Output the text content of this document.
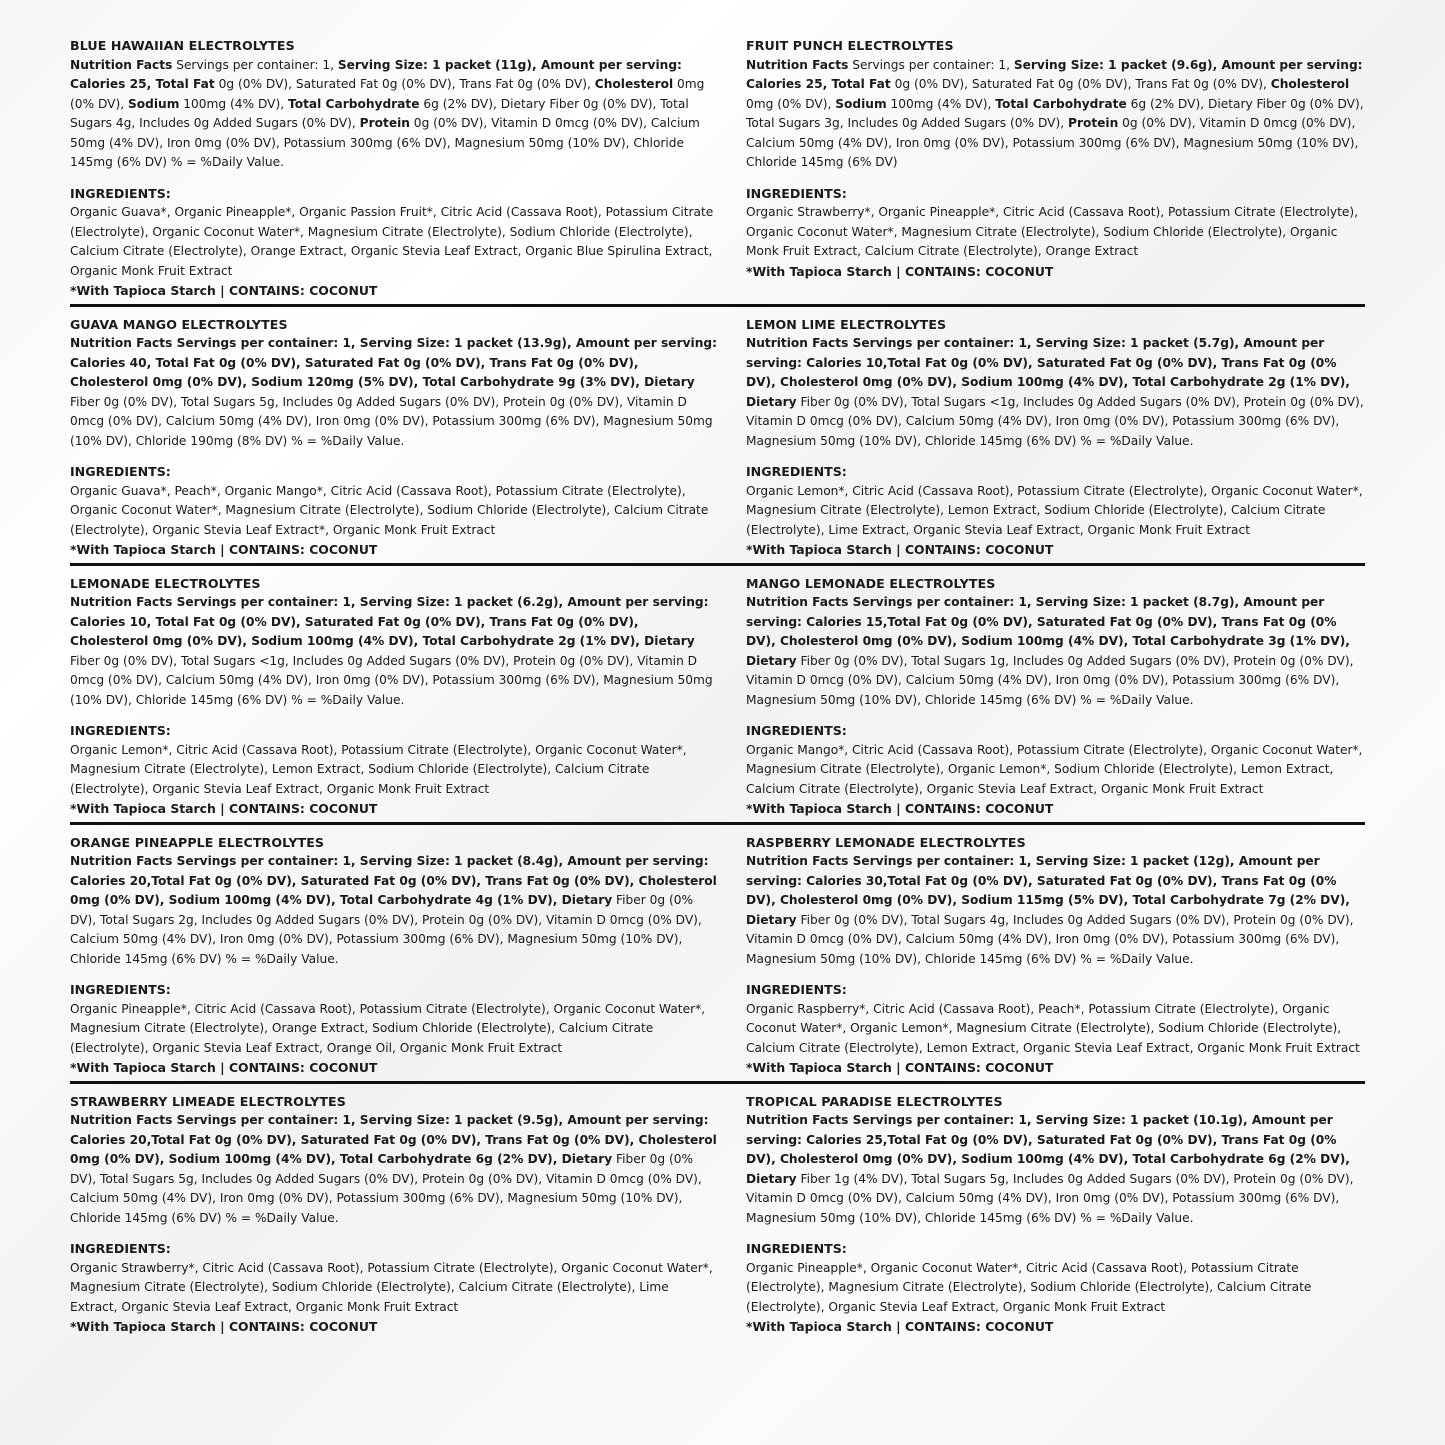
BLUE HAWAIIAN ELECTROLYTES

Nutrition Facts Servings per container: 1, Serving Size: 1 packet (11g), Amount per serving: Calories 25, Total Fat 0g (0% DV), Saturated Fat 0g (0% DV), Trans Fat 0g (0% DV), Cholesterol 0mg (0% DV), Sodium 100mg (4% DV), Total Carbohydrate 6g (2% DV), Dietary Fiber 0g (0% DV), Total Sugars 4g, Includes 0g Added Sugars (0% DV), Protein 0g (0% DV), Vitamin D 0mcg (0% DV), Calcium 50mg (4% DV), Iron 0mg (0% DV), Potassium 300mg (6% DV), Magnesium 50mg (10% DV), Chloride 145mg (6% DV) % = %Daily Value.

INGREDIENTS:
Organic Guava*, Organic Pineapple*, Organic Passion Fruit*, Citric Acid (Cassava Root), Potassium Citrate (Electrolyte), Organic Coconut Water*, Magnesium Citrate (Electrolyte), Sodium Chloride (Electrolyte), Calcium Citrate (Electrolyte), Orange Extract, Organic Stevia Leaf Extract, Organic Blue Spirulina Extract, Organic Monk Fruit Extract
*With Tapioca Starch | CONTAINS: COCONUT
FRUIT PUNCH ELECTROLYTES

Nutrition Facts Servings per container: 1, Serving Size: 1 packet (9.6g), Amount per serving: Calories 25, Total Fat 0g (0% DV), Saturated Fat 0g (0% DV), Trans Fat 0g (0% DV), Cholesterol 0mg (0% DV), Sodium 100mg (4% DV), Total Carbohydrate 6g (2% DV), Dietary Fiber 0g (0% DV), Total Sugars 3g, Includes 0g Added Sugars (0% DV), Protein 0g (0% DV), Vitamin D 0mcg (0% DV), Calcium 50mg (4% DV), Iron 0mg (0% DV), Potassium 300mg (6% DV), Magnesium 50mg (10% DV), Chloride 145mg (6% DV)

INGREDIENTS:
Organic Strawberry*, Organic Pineapple*, Citric Acid (Cassava Root), Potassium Citrate (Electrolyte), Organic Coconut Water*, Magnesium Citrate (Electrolyte), Sodium Chloride (Electrolyte), Organic Monk Fruit Extract, Calcium Citrate (Electrolyte), Orange Extract
*With Tapioca Starch | CONTAINS: COCONUT
GUAVA MANGO ELECTROLYTES

Nutrition Facts Servings per container: 1, Serving Size: 1 packet (13.9g), Amount per serving: Calories 40, Total Fat 0g (0% DV), Saturated Fat 0g (0% DV), Trans Fat 0g (0% DV), Cholesterol 0mg (0% DV), Sodium 120mg (5% DV), Total Carbohydrate 9g (3% DV), Dietary Fiber 0g (0% DV), Total Sugars 5g, Includes 0g Added Sugars (0% DV), Protein 0g (0% DV), Vitamin D 0mcg (0% DV), Calcium 50mg (4% DV), Iron 0mg (0% DV), Potassium 300mg (6% DV), Magnesium 50mg (10% DV), Chloride 190mg (8% DV) % = %Daily Value.

INGREDIENTS:
Organic Guava*, Peach*, Organic Mango*, Citric Acid (Cassava Root), Potassium Citrate (Electrolyte), Organic Coconut Water*, Magnesium Citrate (Electrolyte), Sodium Chloride (Electrolyte), Calcium Citrate (Electrolyte), Organic Stevia Leaf Extract*, Organic Monk Fruit Extract
*With Tapioca Starch | CONTAINS: COCONUT
LEMON LIME ELECTROLYTES

Nutrition Facts Servings per container: 1, Serving Size: 1 packet (5.7g), Amount per serving: Calories 10,Total Fat 0g (0% DV), Saturated Fat 0g (0% DV), Trans Fat 0g (0% DV), Cholesterol 0mg (0% DV), Sodium 100mg (4% DV), Total Carbohydrate 2g (1% DV), Dietary Fiber 0g (0% DV), Total Sugars <1g, Includes 0g Added Sugars (0% DV), Protein 0g (0% DV), Vitamin D 0mcg (0% DV), Calcium 50mg (4% DV), Iron 0mg (0% DV), Potassium 300mg (6% DV), Magnesium 50mg (10% DV), Chloride 145mg (6% DV) % = %Daily Value.

INGREDIENTS:
Organic Lemon*, Citric Acid (Cassava Root), Potassium Citrate (Electrolyte), Organic Coconut Water*, Magnesium Citrate (Electrolyte), Lemon Extract, Sodium Chloride (Electrolyte), Calcium Citrate (Electrolyte), Lime Extract, Organic Stevia Leaf Extract, Organic Monk Fruit Extract
*With Tapioca Starch | CONTAINS: COCONUT
LEMONADE ELECTROLYTES

Nutrition Facts Servings per container: 1, Serving Size: 1 packet (6.2g), Amount per serving: Calories 10, Total Fat 0g (0% DV), Saturated Fat 0g (0% DV), Trans Fat 0g (0% DV), Cholesterol 0mg (0% DV), Sodium 100mg (4% DV), Total Carbohydrate 2g (1% DV), Dietary Fiber 0g (0% DV), Total Sugars <1g, Includes 0g Added Sugars (0% DV), Protein 0g (0% DV), Vitamin D 0mcg (0% DV), Calcium 50mg (4% DV), Iron 0mg (0% DV), Potassium 300mg (6% DV), Magnesium 50mg (10% DV), Chloride 145mg (6% DV) % = %Daily Value.

INGREDIENTS:
Organic Lemon*, Citric Acid (Cassava Root), Potassium Citrate (Electrolyte), Organic Coconut Water*, Magnesium Citrate (Electrolyte), Lemon Extract, Sodium Chloride (Electrolyte), Calcium Citrate (Electrolyte), Organic Stevia Leaf Extract, Organic Monk Fruit Extract
*With Tapioca Starch | CONTAINS: COCONUT
MANGO LEMONADE ELECTROLYTES

Nutrition Facts Servings per container: 1, Serving Size: 1 packet (8.7g), Amount per serving: Calories 15,Total Fat 0g (0% DV), Saturated Fat 0g (0% DV), Trans Fat 0g (0% DV), Cholesterol 0mg (0% DV), Sodium 100mg (4% DV), Total Carbohydrate 3g (1% DV), Dietary Fiber 0g (0% DV), Total Sugars 1g, Includes 0g Added Sugars (0% DV), Protein 0g (0% DV), Vitamin D 0mcg (0% DV), Calcium 50mg (4% DV), Iron 0mg (0% DV), Potassium 300mg (6% DV), Magnesium 50mg (10% DV), Chloride 145mg (6% DV) % = %Daily Value.

INGREDIENTS:
Organic Mango*, Citric Acid (Cassava Root), Potassium Citrate (Electrolyte), Organic Coconut Water*, Magnesium Citrate (Electrolyte), Organic Lemon*, Sodium Chloride (Electrolyte), Lemon Extract, Calcium Citrate (Electrolyte), Organic Stevia Leaf Extract, Organic Monk Fruit Extract
*With Tapioca Starch | CONTAINS: COCONUT
ORANGE PINEAPPLE ELECTROLYTES

Nutrition Facts Servings per container: 1, Serving Size: 1 packet (8.4g), Amount per serving: Calories 20,Total Fat 0g (0% DV), Saturated Fat 0g (0% DV), Trans Fat 0g (0% DV), Cholesterol 0mg (0% DV), Sodium 100mg (4% DV), Total Carbohydrate 4g (1% DV), Dietary Fiber 0g (0% DV), Total Sugars 2g, Includes 0g Added Sugars (0% DV), Protein 0g (0% DV), Vitamin D 0mcg (0% DV), Calcium 50mg (4% DV), Iron 0mg (0% DV), Potassium 300mg (6% DV), Magnesium 50mg (10% DV), Chloride 145mg (6% DV) % = %Daily Value.

INGREDIENTS:
Organic Pineapple*, Citric Acid (Cassava Root), Potassium Citrate (Electrolyte), Organic Coconut Water*, Magnesium Citrate (Electrolyte), Orange Extract, Sodium Chloride (Electrolyte), Calcium Citrate (Electrolyte), Organic Stevia Leaf Extract, Orange Oil, Organic Monk Fruit Extract
*With Tapioca Starch | CONTAINS: COCONUT
RASPBERRY LEMONADE ELECTROLYTES

Nutrition Facts Servings per container: 1, Serving Size: 1 packet (12g), Amount per serving: Calories 30,Total Fat 0g (0% DV), Saturated Fat 0g (0% DV), Trans Fat 0g (0% DV), Cholesterol 0mg (0% DV), Sodium 115mg (5% DV), Total Carbohydrate 7g (2% DV), Dietary Fiber 0g (0% DV), Total Sugars 4g, Includes 0g Added Sugars (0% DV), Protein 0g (0% DV), Vitamin D 0mcg (0% DV), Calcium 50mg (4% DV), Iron 0mg (0% DV), Potassium 300mg (6% DV), Magnesium 50mg (10% DV), Chloride 145mg (6% DV) % = %Daily Value.

INGREDIENTS:
Organic Raspberry*, Citric Acid (Cassava Root), Peach*, Potassium Citrate (Electrolyte), Organic Coconut Water*, Organic Lemon*, Magnesium Citrate (Electrolyte), Sodium Chloride (Electrolyte), Calcium Citrate (Electrolyte), Lemon Extract, Organic Stevia Leaf Extract, Organic Monk Fruit Extract
*With Tapioca Starch | CONTAINS: COCONUT
STRAWBERRY LIMEADE ELECTROLYTES

Nutrition Facts Servings per container: 1, Serving Size: 1 packet (9.5g), Amount per serving: Calories 20,Total Fat 0g (0% DV), Saturated Fat 0g (0% DV), Trans Fat 0g (0% DV), Cholesterol 0mg (0% DV), Sodium 100mg (4% DV), Total Carbohydrate 6g (2% DV), Dietary Fiber 0g (0% DV), Total Sugars 5g, Includes 0g Added Sugars (0% DV), Protein 0g (0% DV), Vitamin D 0mcg (0% DV), Calcium 50mg (4% DV), Iron 0mg (0% DV), Potassium 300mg (6% DV), Magnesium 50mg (10% DV), Chloride 145mg (6% DV) % = %Daily Value.

INGREDIENTS:
Organic Strawberry*, Citric Acid (Cassava Root), Potassium Citrate (Electrolyte), Organic Coconut Water*, Magnesium Citrate (Electrolyte), Sodium Chloride (Electrolyte), Calcium Citrate (Electrolyte), Lime Extract, Organic Stevia Leaf Extract, Organic Monk Fruit Extract
*With Tapioca Starch | CONTAINS: COCONUT
TROPICAL PARADISE ELECTROLYTES

Nutrition Facts Servings per container: 1, Serving Size: 1 packet (10.1g), Amount per serving: Calories 25,Total Fat 0g (0% DV), Saturated Fat 0g (0% DV), Trans Fat 0g (0% DV), Cholesterol 0mg (0% DV), Sodium 100mg (4% DV), Total Carbohydrate 6g (2% DV), Dietary Fiber 1g (4% DV), Total Sugars 5g, Includes 0g Added Sugars (0% DV), Protein 0g (0% DV), Vitamin D 0mcg (0% DV), Calcium 50mg (4% DV), Iron 0mg (0% DV), Potassium 300mg (6% DV), Magnesium 50mg (10% DV), Chloride 145mg (6% DV) % = %Daily Value.

INGREDIENTS:
Organic Pineapple*, Organic Coconut Water*, Citric Acid (Cassava Root), Potassium Citrate (Electrolyte), Magnesium Citrate (Electrolyte), Sodium Chloride (Electrolyte), Calcium Citrate (Electrolyte), Organic Stevia Leaf Extract, Organic Monk Fruit Extract
*With Tapioca Starch | CONTAINS: COCONUT
